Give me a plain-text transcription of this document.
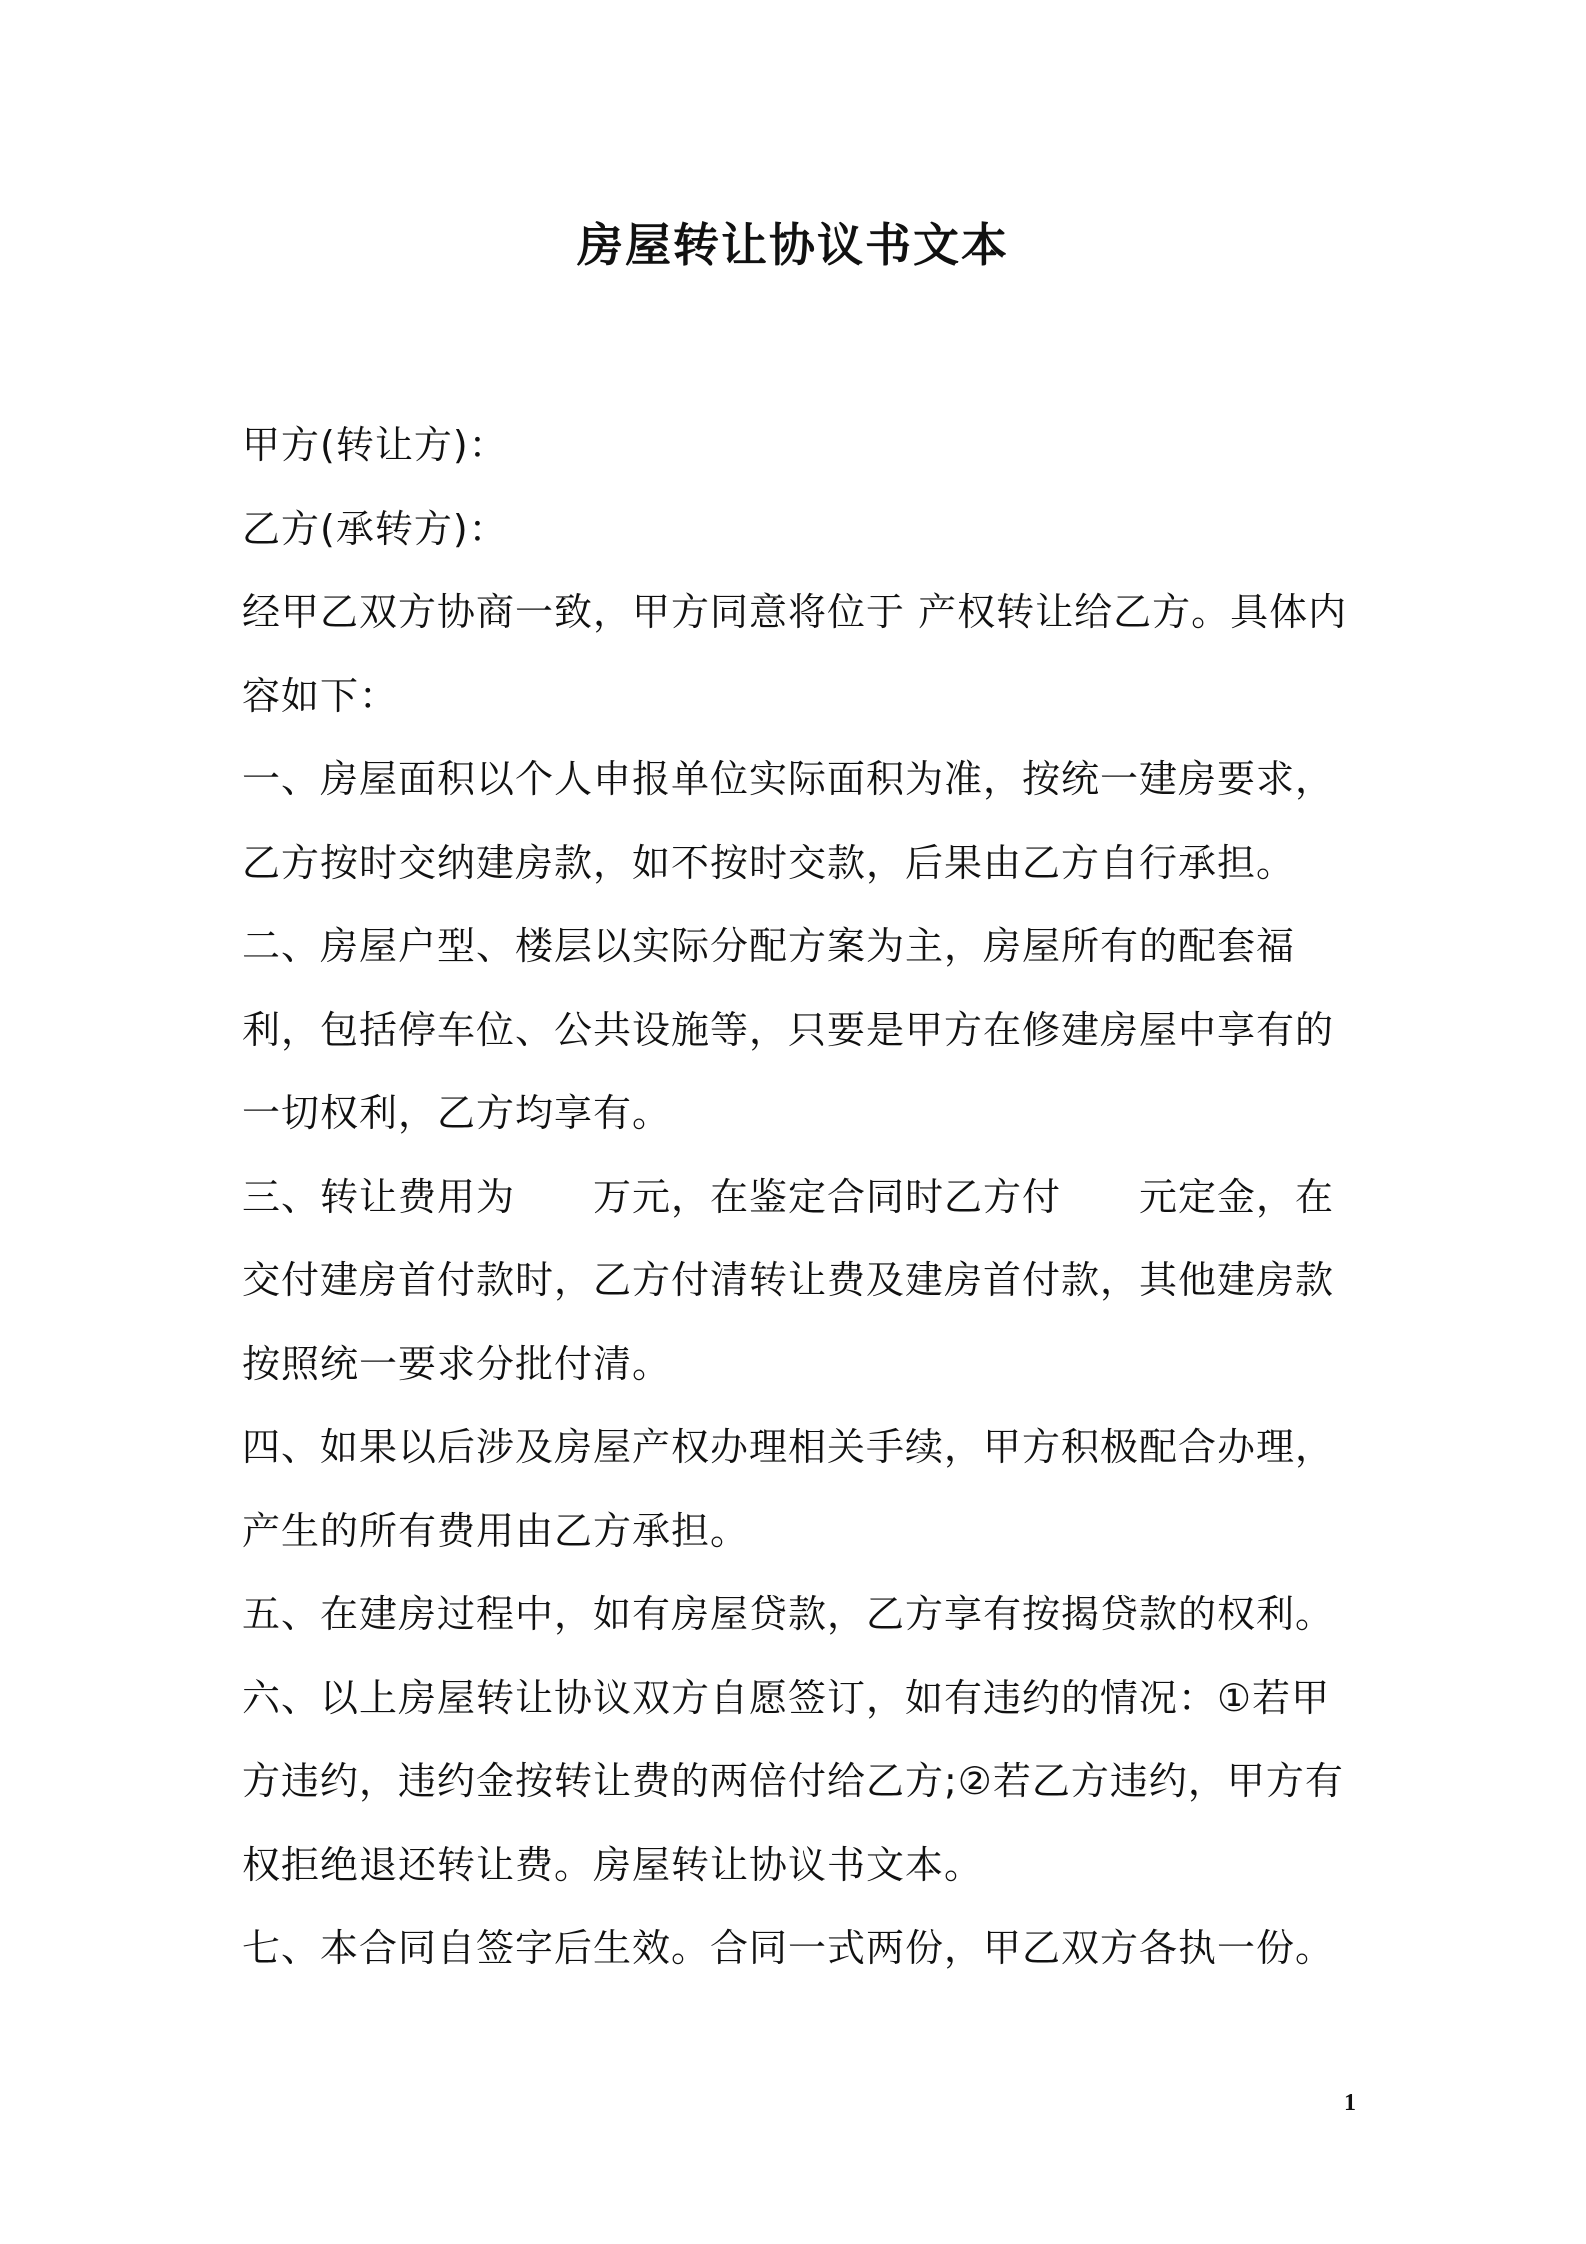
房屋转让协议书文本

甲方(转让方)：

乙方(承转方)：

经甲乙双方协商一致，甲方同意将位于 产权转让给乙方。具体内容如下：

一、房屋面积以个人申报单位实际面积为准，按统一建房要求，乙方按时交纳建房款，如不按时交款，后果由乙方自行承担。

二、房屋户型、楼层以实际分配方案为主，房屋所有的配套福利，包括停车位、公共设施等，只要是甲方在修建房屋中享有的一切权利，乙方均享有。

三、转让费用为　　万元，在鉴定合同时乙方付　　元定金，在交付建房首付款时，乙方付清转让费及建房首付款，其他建房款按照统一要求分批付清。

四、如果以后涉及房屋产权办理相关手续，甲方积极配合办理，产生的所有费用由乙方承担。

五、在建房过程中，如有房屋贷款，乙方享有按揭贷款的权利。

六、以上房屋转让协议双方自愿签订，如有违约的情况：①若甲方违约，违约金按转让费的两倍付给乙方;②若乙方违约，甲方有权拒绝退还转让费。房屋转让协议书文本。

七、本合同自签字后生效。合同一式两份，甲乙双方各执一份。

1
